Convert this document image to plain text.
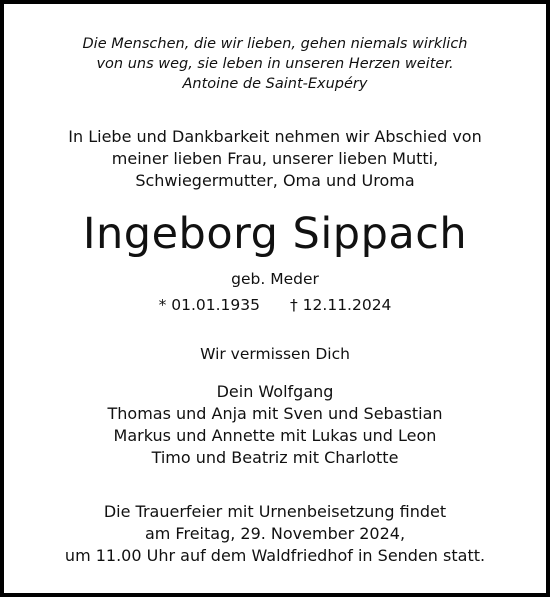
Die Menschen, die wir lieben, gehen niemals wirklich
von uns weg, sie leben in unseren Herzen weiter.
Antoine de Saint-Exupéry
In Liebe und Dankbarkeit nehmen wir Abschied von
meiner lieben Frau, unserer lieben Mutti,
Schwiegermutter, Oma und Uroma
Ingeborg Sippach
geb. Meder
* 01.01.1935 † 12.11.2024
Wir vermissen Dich
Dein Wolfgang
Thomas und Anja mit Sven und Sebastian
Markus und Annette mit Lukas und Leon
Timo und Beatriz mit Charlotte
Die Trauerfeier mit Urnenbeisetzung findet
am Freitag, 29. November 2024,
um 11.00 Uhr auf dem Waldfriedhof in Senden statt.
